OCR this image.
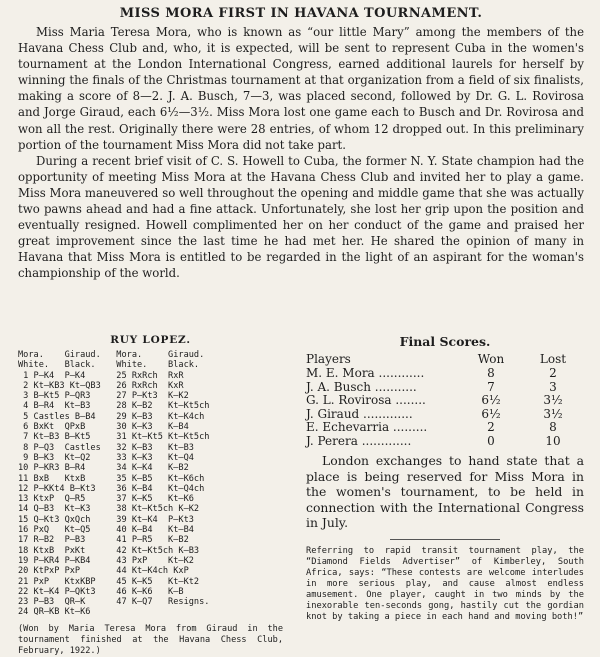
MISS MORA FIRST IN HAVANA TOURNAMENT.

Miss Maria Teresa Mora, who is known as “our little Mary” among the members of the Havana Chess Club and, who, it is expected, will be sent to represent Cuba in the women's tournament at the London International Congress, earned additional laurels for herself by winning the finals of the Christmas tournament at that organization from a field of six finalists, making a score of 8—2. J. A. Busch, 7—3, was placed second, followed by Dr. G. L. Rovirosa and Jorge Giraud, each 6½—3½. Miss Mora lost one game each to Busch and Dr. Rovirosa and won all the rest. Originally there were 28 entries, of whom 12 dropped out. In this preliminary portion of the tournament Miss Mora did not take part.

During a recent brief visit of C. S. Howell to Cuba, the former N. Y. State champion had the opportunity of meeting Miss Mora at the Havana Chess Club and invited her to play a game. Miss Mora maneuvered so well throughout the opening and middle game that she was actually two pawns ahead and had a fine attack. Unfortunately, she lost her grip upon the position and eventually resigned. Howell complimented her on her conduct of the game and praised her great improvement since the last time he had met her. He shared the opinion of many in Havana that Miss Mora is entitled to be regarded in the light of an aspirant for the woman's championship of the world.

RUY LOPEZ.
Mora.    Giraud.   Mora.     Giraud.
White.   Black.    White.    Black.
1 P—K4  P—K4      25 RxRch  RxR
2 Kt—KB3 Kt—QB3   26 RxRch  KxR
3 B—Kt5 P—QR3     27 P—Kt3  K—K2
4 B—R4  Kt—B3     28 K—B2   Kt—Kt5ch
5 Castles B—B4    29 K—B3   Kt—K4ch
6 BxKt  QPxB      30 K—K3   K—B4
7 Kt—B3 B—Kt5     31 Kt—Kt5 Kt—Kt5ch
8 P—Q3  Castles   32 K—B3   Kt—B3
9 B—K3  Kt—Q2     33 K—K3   Kt—Q4
10 P—KR3 B—R4      34 K—K4   K—B2
11 BxB   KtxB      35 K—B5   Kt—K6ch
12 P—KKt4 B—Kt3    36 K—B4   Kt—Q4ch
13 KtxP  Q—R5      37 K—K5   Kt—K6
14 Q—B3  Kt—K3     38 Kt—Kt5ch K—K2
15 Q—Kt3 QxQch     39 Kt—K4  P—Kt3
16 PxQ   Kt—Q5     40 K—B4   Kt—B4
17 R—B2  P—B3      41 P—R5   K—B2
18 KtxB  PxKt      42 Kt—Kt5ch K—B3
19 P—KR4 P—KB4     43 PxP    Kt—K2
20 KtPxP PxP       44 Kt—K4ch KxP
21 PxP   KtxKBP    45 K—K5   Kt—Kt2
22 Kt—K4 P—QKt3    46 K—K6   K—B
23 P—B3  QR—K      47 K—Q7   Resigns.
24 QR—KB Kt—K6
(Won by Maria Teresa Mora from Giraud in the tournament finished at the Havana Chess Club, February, 1922.)
Final Scores.
Players	Won	Lost
M. E. Mora ............	8	2
J. A. Busch ...........	7	3
G. L. Rovirosa ........	6½	3½
J. Giraud .............	6½	3½
E. Echevarria .........	2	8
J. Perera .............	0	10

London exchanges to hand state that a place is being reserved for Miss Mora in the women's tournament, to be held in connection with the International Congress in July.

Referring to rapid transit tournament play, the “Diamond Fields Advertiser” of Kimberley, South Africa, says: “These contests are welcome interludes in more serious play, and cause almost endless amusement. One player, caught in two minds by the inexorable ten-seconds gong, hastily cut the gordian knot by taking a piece in each hand and moving both!”
